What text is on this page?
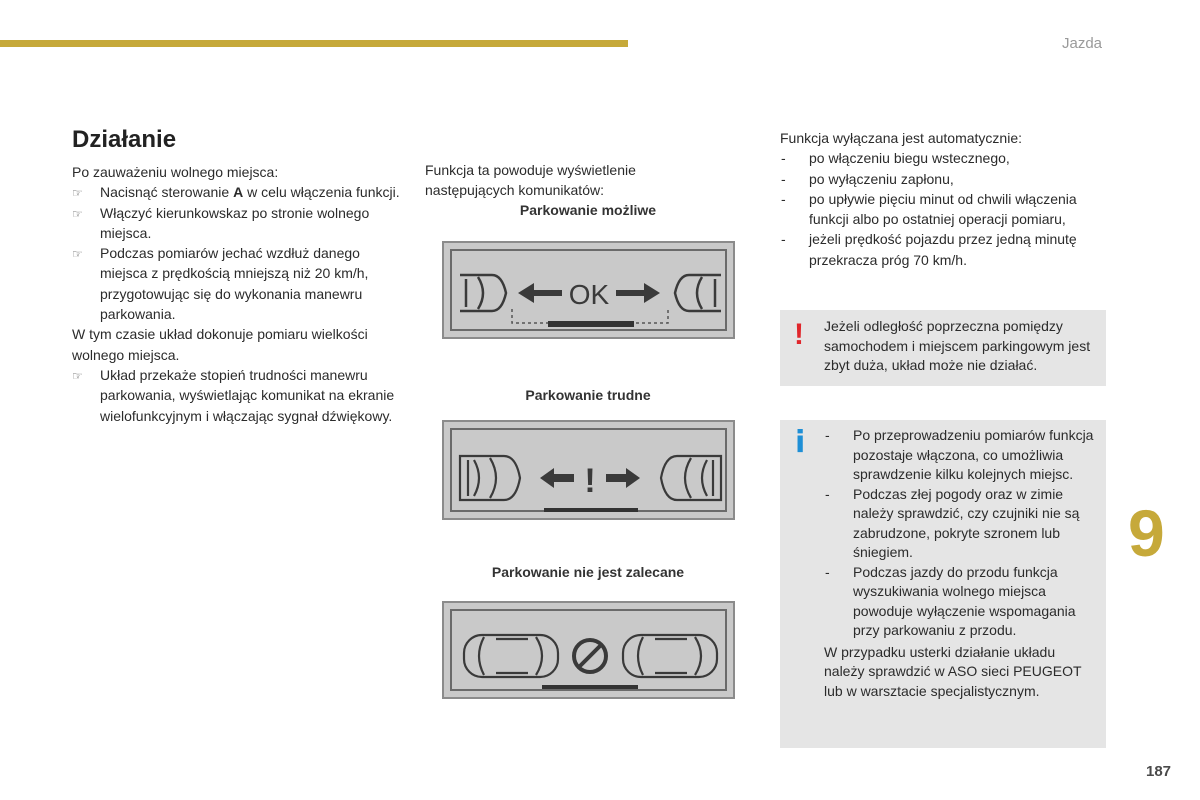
Jazda
9
187
Działanie

Po zauważeniu wolnego miejsca:

☞ Nacisnąć sterowanie A w celu włączenia funkcji.

☞ Włączyć kierunkowskaz po stronie wolnego miejsca.

☞ Podczas pomiarów jechać wzdłuż danego miejsca z prędkością mniejszą niż 20 km/h, przygotowując się do wykonania manewru parkowania.

W tym czasie układ dokonuje pomiaru wielkości wolnego miejsca.

☞ Układ przekaże stopień trudności manewru parkowania, wyświetlając komunikat na ekranie wielofunkcyjnym i włączając sygnał dźwiękowy.

Funkcja ta powoduje wyświetlenie następujących komunikatów:
Parkowanie możliwe
OK
Parkowanie trudne
!
Parkowanie nie jest zalecane

Funkcja wyłączana jest automatycznie:

- po włączeniu biegu wstecznego,

- po wyłączeniu zapłonu,

- po upływie pięciu minut od chwili włączenia funkcji albo po ostatniej operacji pomiaru,

- jeżeli prędkość pojazdu przez jedną minutę przekracza próg 70 km/h.

! Jeżeli odległość poprzeczna pomiędzy samochodem i miejscem parkingowym jest zbyt duża, układ może nie działać.

i - Po przeprowadzeniu pomiarów funkcja pozostaje włączona, co umożliwia sprawdzenie kilku kolejnych miejsc.

- Podczas złej pogody oraz w zimie należy sprawdzić, czy czujniki nie są zabrudzone, pokryte szronem lub śniegiem.

- Podczas jazdy do przodu funkcja wyszukiwania wolnego miejsca powoduje wyłączenie wspomagania przy parkowaniu z przodu.

W przypadku usterki działanie układu należy sprawdzić w ASO sieci PEUGEOT lub w warsztacie specjalistycznym.
